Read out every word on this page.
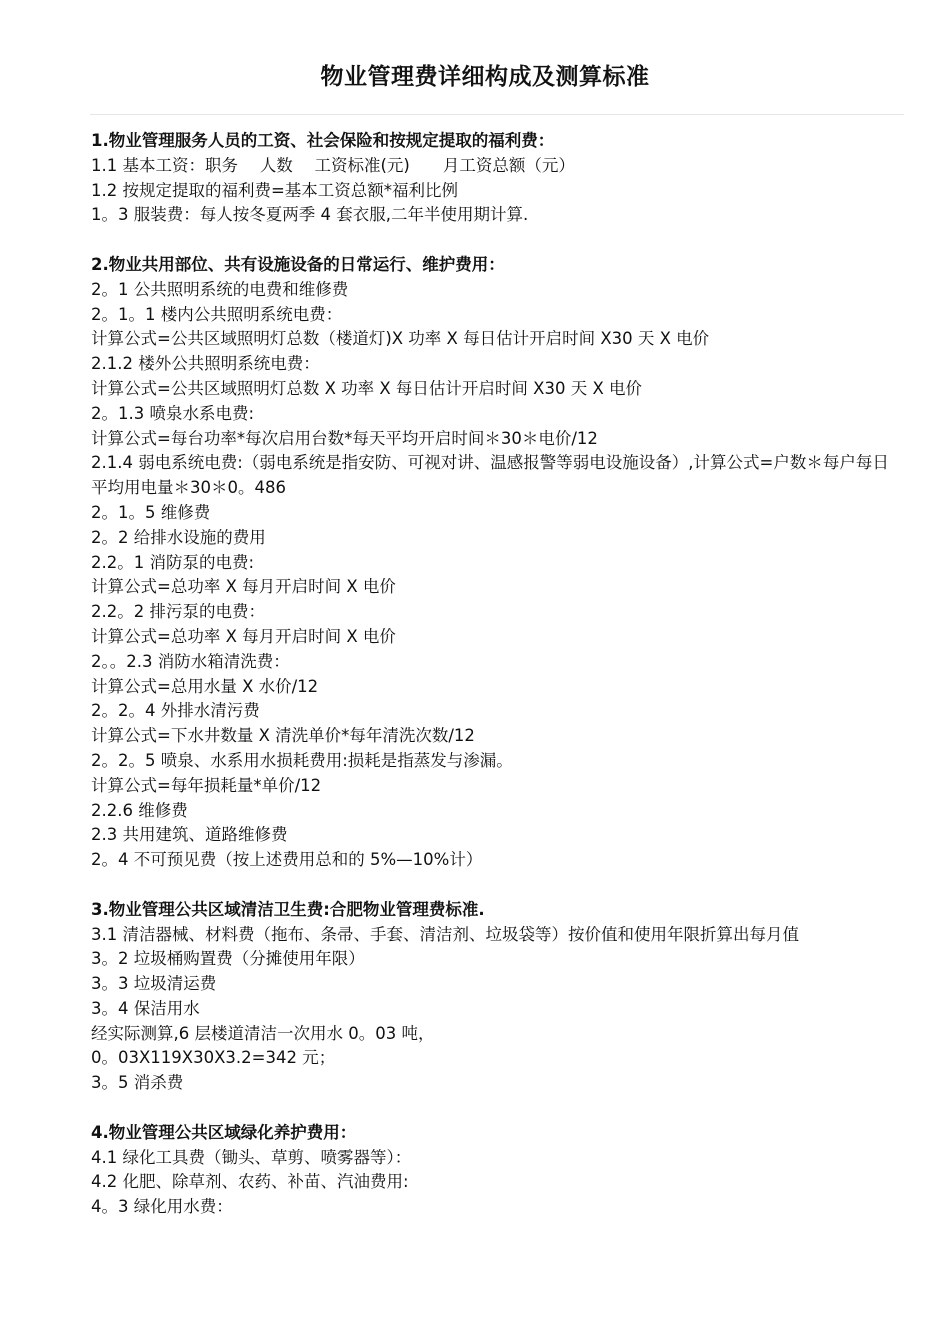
物业管理费详细构成及测算标准

1.物业管理服务人员的工资、社会保险和按规定提取的福利费：

1.1 基本工资：职务　 人数　 工资标准(元)　　月工资总额（元）

1.2 按规定提取的福利费=基本工资总额*福利比例

1。3 服装费：每人按冬夏两季 4 套衣服,二年半使用期计算.

2.物业共用部位、共有设施设备的日常运行、维护费用：

2。1 公共照明系统的电费和维修费

2。1。1 楼内公共照明系统电费：

计算公式=公共区域照明灯总数（楼道灯)X 功率 X 每日估计开启时间 X30 天 X 电价

2.1.2 楼外公共照明系统电费：

计算公式=公共区域照明灯总数 X 功率 X 每日估计开启时间 X30 天 X 电价

2。1.3 喷泉水系电费:

计算公式=每台功率*每次启用台数*每天平均开启时间＊30＊电价/12

2.1.4 弱电系统电费:（弱电系统是指安防、可视对讲、温感报警等弱电设施设备）,计算公式=户数＊每户每日平均用电量＊30＊0。486

2。1。5 维修费

2。2 给排水设施的费用

2.2。1 消防泵的电费:

计算公式=总功率 X 每月开启时间 X 电价

2.2。2 排污泵的电费：

计算公式=总功率 X 每月开启时间 X 电价

2。。2.3 消防水箱清洗费：

计算公式=总用水量 X 水价/12

2。2。4 外排水清污费

计算公式=下水井数量 X 清洗单价*每年清洗次数/12

2。2。5 喷泉、水系用水损耗费用:损耗是指蒸发与渗漏。

计算公式=每年损耗量*单价/12

2.2.6 维修费

2.3 共用建筑、道路维修费

2。4 不可预见费（按上述费用总和的 5%—10%计）

3.物业管理公共区域清洁卫生费:合肥物业管理费标准.

3.1 清洁器械、材料费（拖布、条帚、手套、清洁剂、垃圾袋等）按价值和使用年限折算出每月值

3。2 垃圾桶购置费（分摊使用年限）

3。3 垃圾清运费

3。4 保洁用水

经实际测算,6 层楼道清洁一次用水 0。03 吨，

0。03X119X30X3.2=342 元；

3。5 消杀费

4.物业管理公共区域绿化养护费用：

4.1 绿化工具费（锄头、草剪、喷雾器等）：

4.2 化肥、除草剂、农药、补苗、汽油费用:

4。3 绿化用水费：
